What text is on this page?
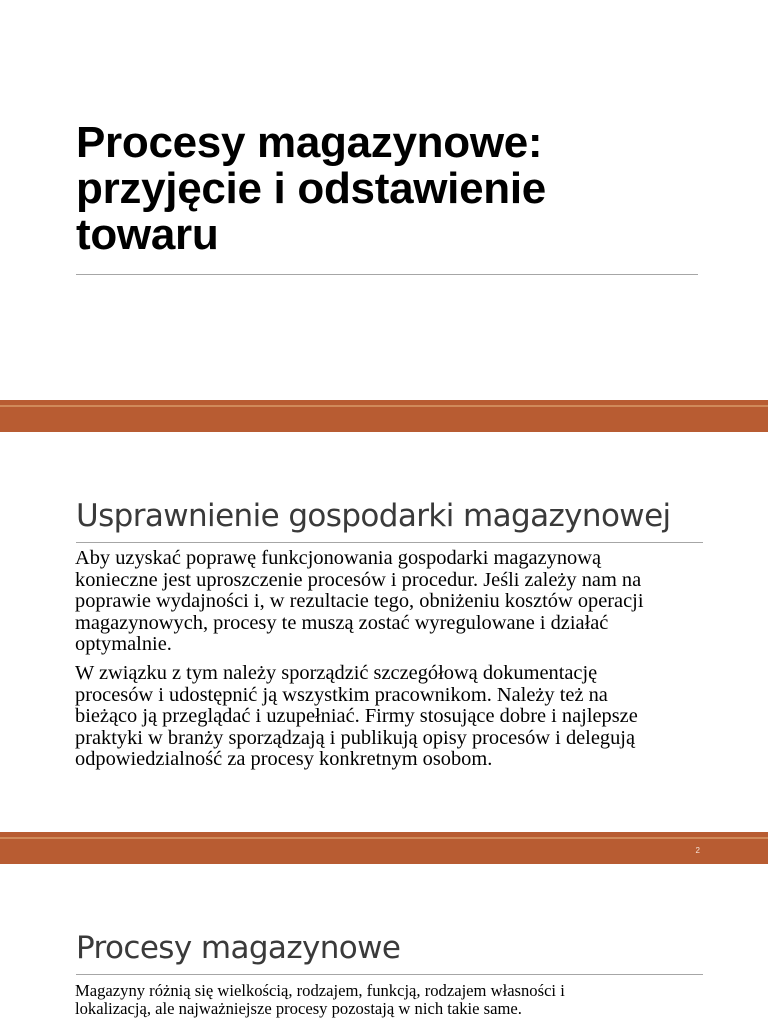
Procesy magazynowe:
przyjęcie i odstawienie
towaru
Usprawnienie gospodarki magazynowej

Aby uzyskać poprawę funkcjonowania gospodarki magazynową
konieczne jest uproszczenie procesów i procedur. Jeśli zależy nam na
poprawie wydajności i, w rezultacie tego, obniżeniu kosztów operacji
magazynowych, procesy te muszą zostać wyregulowane i działać
optymalnie.

W związku z tym należy sporządzić szczegółową dokumentację
procesów i udostępnić ją wszystkim pracownikom. Należy też na
bieżąco ją przeglądać i uzupełniać. Firmy stosujące dobre i najlepsze
praktyki w branży sporządzają i publikują opisy procesów i delegują
odpowiedzialność za procesy konkretnym osobom.

2
Procesy magazynowe
Magazyny różnią się wielkością, rodzajem, funkcją, rodzajem własności i
lokalizacją, ale najważniejsze procesy pozostają w nich takie same.
